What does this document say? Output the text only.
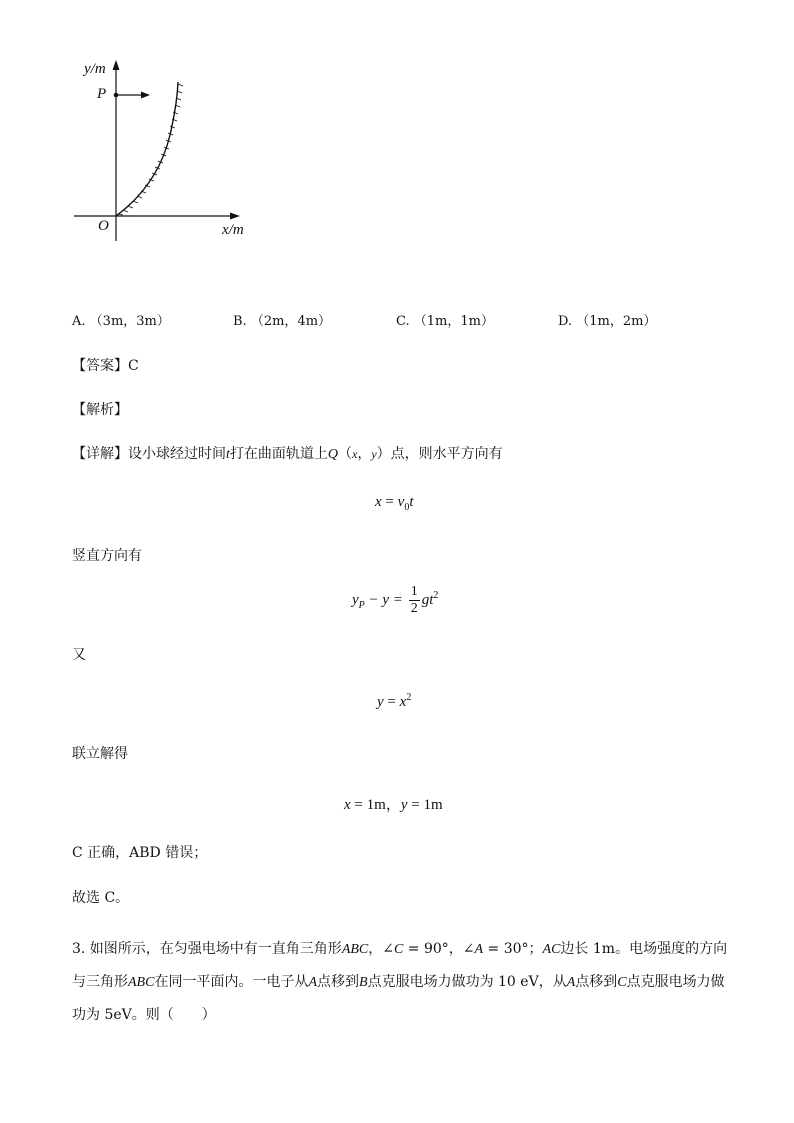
y/m
P
O	x/m
A. （3m，3m）	B. （2m，4m）	C. （1m，1m）	D. （1m，2m）
【答案】C
【解析】
【详解】设小球经过时间t打在曲面轨道上Q（x，y）点，则水平方向有
$x = v_0t$
竖直方向有
$y_P - y = \frac{1}{2} gt^2$
又
$y = x^2$
联立解得
x = 1m，y = 1m
C 正确，ABD 错误；
故选 C。
3. 如图所示，在匀强电场中有一直角三角形ABC，∠C = 90°，∠A = 30°；AC边长 1m。电场强度的方向与三角形ABC在同一平面内。一电子从A点移到B点克服电场力做功为 10 eV，从A点移到C点克服电场力做功为 5eV。则（　　）
